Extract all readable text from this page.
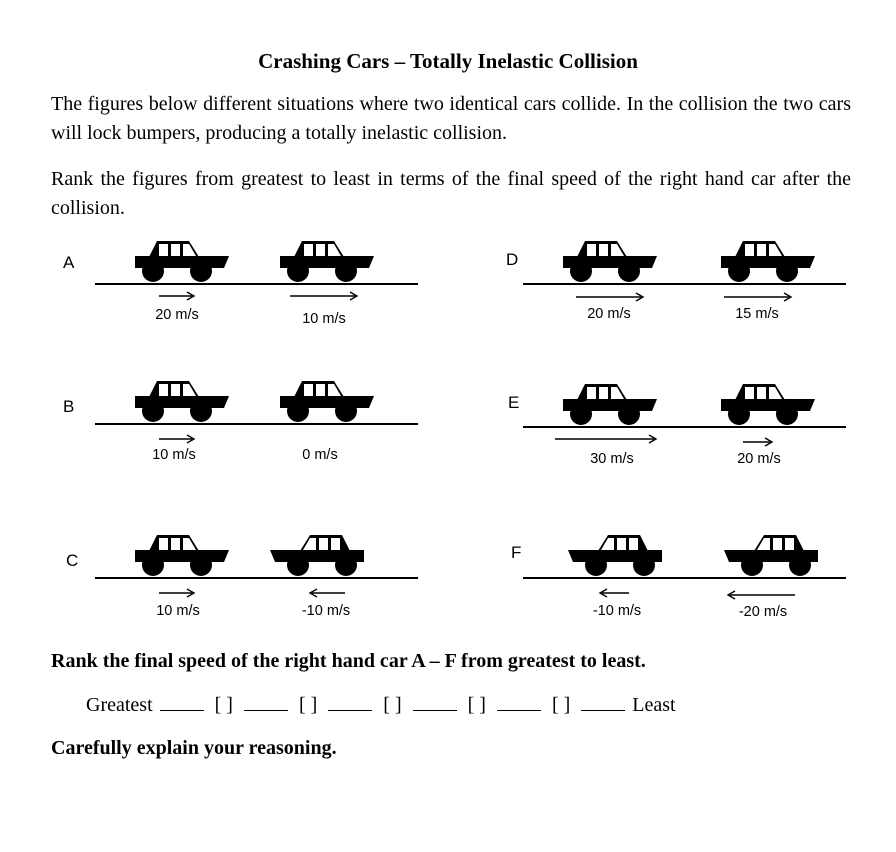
Crashing Cars – Totally Inelastic Collision
The figures below different situations where two identical cars collide. In the collision the two cars will lock bumpers, producing a totally inelastic collision.
Rank the figures from greatest to least in terms of the final speed of the right hand car after the collision.
A
20 m/s	10 m/s
B
10 m/s	0 m/s
C
10 m/s	-10 m/s
D
20 m/s	15 m/s
E
30 m/s	20 m/s
F
-10 m/s	-20 m/s
Rank the final speed of the right hand car A – F from greatest to least.
Greatest	[ ]	[ ]	[ ]	[ ]	[ ]	Least
Carefully explain your reasoning.
